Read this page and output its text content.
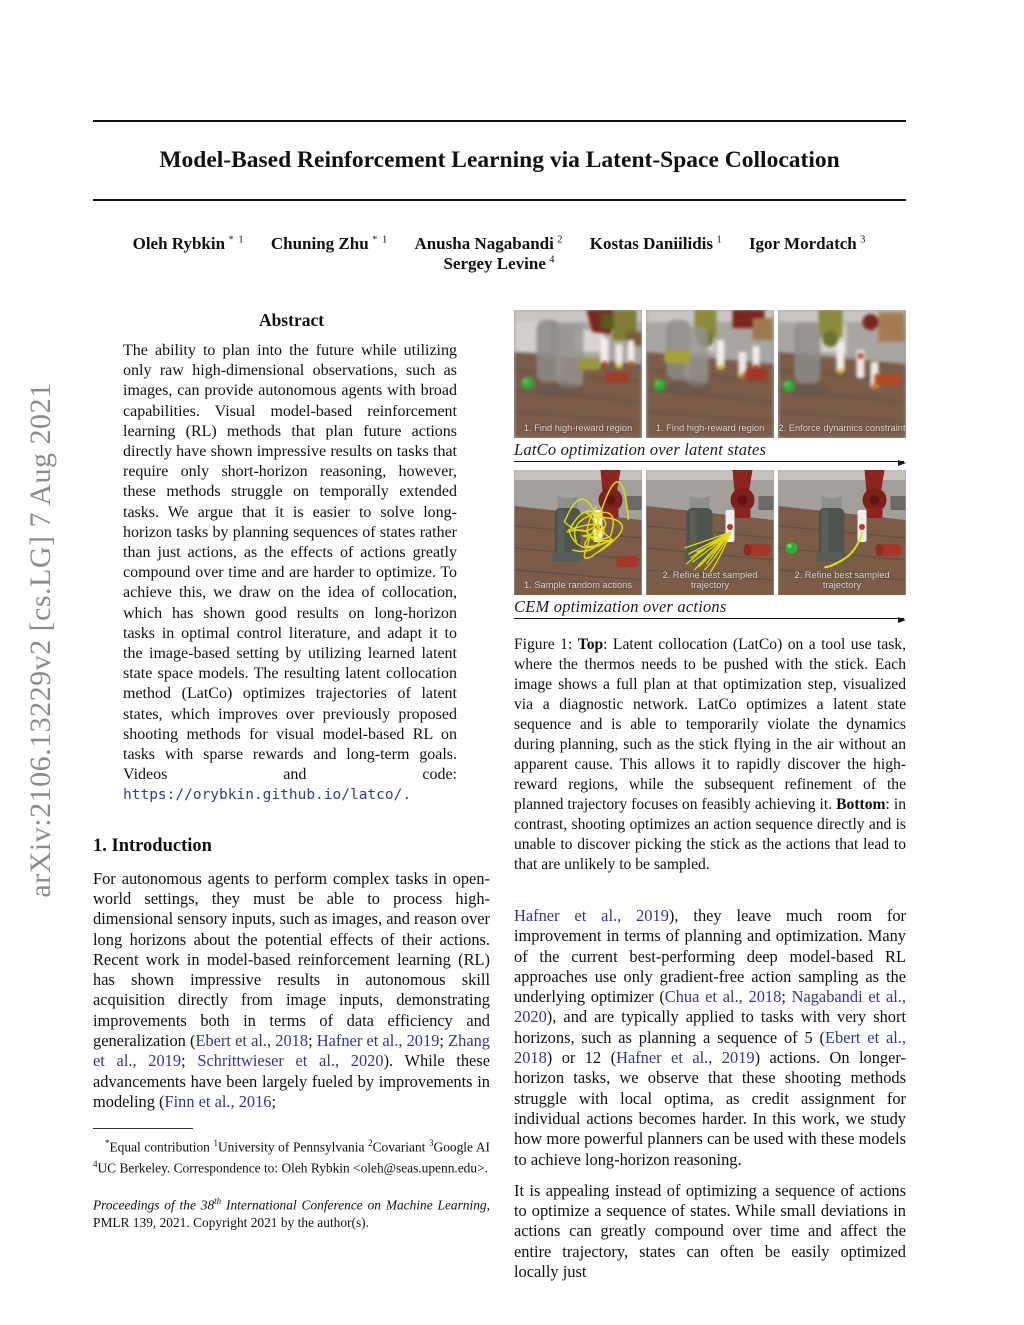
arXiv:2106.13229v2 [cs.LG] 7 Aug 2021
Model-Based Reinforcement Learning via Latent-Space Collocation
Oleh Rybkin  $^{* 1}$ Chuning Zhu  $^{* 1}$ Anusha Nagabandi  $^2$ Kostas Daniilidis  $^1$ Igor Mordatch  $^3$ Sergey Levine  $^4$

Abstract

The ability to plan into the future while utilizing only raw high-dimensional observations, such as images, can provide autonomous agents with broad capabilities. Visual model-based reinforcement learning (RL) methods that plan future actions directly have shown impressive results on tasks that require only short-horizon reasoning, however, these methods struggle on temporally extended tasks. We argue that it is easier to solve long-horizon tasks by planning sequences of states rather than just actions, as the effects of actions greatly compound over time and are harder to optimize. To achieve this, we draw on the idea of collocation, which has shown good results on long-horizon tasks in optimal control literature, and adapt it to the image-based setting by utilizing learned latent state space models. The resulting latent collocation method (LatCo) optimizes trajectories of latent states, which improves over previously proposed shooting methods for visual model-based RL on tasks with sparse rewards and long-term goals. Videos and code: https://orybkin.github.io/latco/.

1. Introduction

For autonomous agents to perform complex tasks in open-world settings, they must be able to process high-dimensional sensory inputs, such as images, and reason over long horizons about the potential effects of their actions. Recent work in model-based reinforcement learning (RL) has shown impressive results in autonomous skill acquisition directly from image inputs, demonstrating improvements both in terms of data efficiency and generalization (Ebert et al., 2018; Hafner et al., 2019; Zhang et al., 2019; Schrittwieser et al., 2020). While these advancements have been largely fueled by improvements in modeling (Finn et al., 2016;

*Equal contribution $^1$University of Pennsylvania $^2$Covariant $^3$Google AI $^4$UC Berkeley. Correspondence to: Oleh Rybkin <oleh@seas.upenn.edu>.

Proceedings of the 38th International Conference on Machine Learning, PMLR 139, 2021. Copyright 2021 by the author(s).

1. Find high-reward region	1. Find high-reward region	2. Enforce dynamics constraint
LatCo optimization over latent states
1. Sample random actions
2. Refine best sampled trajectory
2. Refine best sampled trajectory
CEM optimization over actions

Figure 1: Top: Latent collocation (LatCo) on a tool use task, where the thermos needs to be pushed with the stick. Each image shows a full plan at that optimization step, visualized via a diagnostic network. LatCo optimizes a latent state sequence and is able to temporarily violate the dynamics during planning, such as the stick flying in the air without an apparent cause. This allows it to rapidly discover the high-reward regions, while the subsequent refinement of the planned trajectory focuses on feasibly achieving it. Bottom: in contrast, shooting optimizes an action sequence directly and is unable to discover picking the stick as the actions that lead to that are unlikely to be sampled.

Hafner et al., 2019), they leave much room for improvement in terms of planning and optimization. Many of the current best-performing deep model-based RL approaches use only gradient-free action sampling as the underlying optimizer (Chua et al., 2018; Nagabandi et al., 2020), and are typically applied to tasks with very short horizons, such as planning a sequence of 5 (Ebert et al., 2018) or 12 (Hafner et al., 2019) actions. On longer-horizon tasks, we observe that these shooting methods struggle with local optima, as credit assignment for individual actions becomes harder. In this work, we study how more powerful planners can be used with these models to achieve long-horizon reasoning.

It is appealing instead of optimizing a sequence of actions to optimize a sequence of states. While small deviations in actions can greatly compound over time and affect the entire trajectory, states can often be easily optimized locally just
